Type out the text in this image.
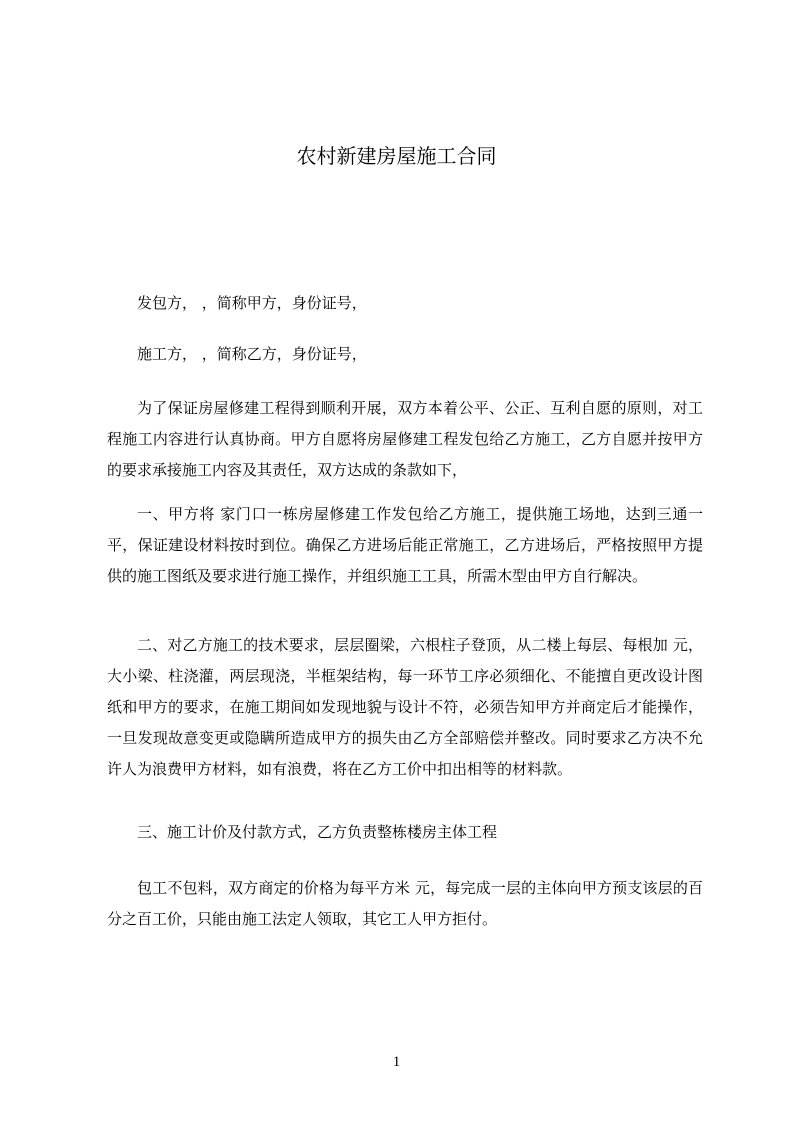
农村新建房屋施工合同
发包方， ，简称甲方，身份证号，
施工方， ，简称乙方，身份证号，
为了保证房屋修建工程得到顺利开展，双方本着公平、公正、互利自愿的原则，对工程施工内容进行认真协商。甲方自愿将房屋修建工程发包给乙方施工，乙方自愿并按甲方的要求承接施工内容及其责任，双方达成的条款如下，
一、甲方将 家门口一栋房屋修建工作发包给乙方施工，提供施工场地，达到三通一平，保证建设材料按时到位。确保乙方进场后能正常施工，乙方进场后，严格按照甲方提供的施工图纸及要求进行施工操作，并组织施工工具，所需木型由甲方自行解决。
二、对乙方施工的技术要求，层层圈梁，六根柱子登顶，从二楼上每层、每根加 元，大小梁、柱浇灌，两层现浇，半框架结构，每一环节工序必须细化、不能擅自更改设计图纸和甲方的要求，在施工期间如发现地貌与设计不符，必须告知甲方并商定后才能操作，一旦发现故意变更或隐瞒所造成甲方的损失由乙方全部赔偿并整改。同时要求乙方决不允许人为浪费甲方材料，如有浪费，将在乙方工价中扣出相等的材料款。
三、施工计价及付款方式，乙方负责整栋楼房主体工程
包工不包料，双方商定的价格为每平方米 元，每完成一层的主体向甲方预支该层的百分之百工价，只能由施工法定人领取，其它工人甲方拒付。
1
